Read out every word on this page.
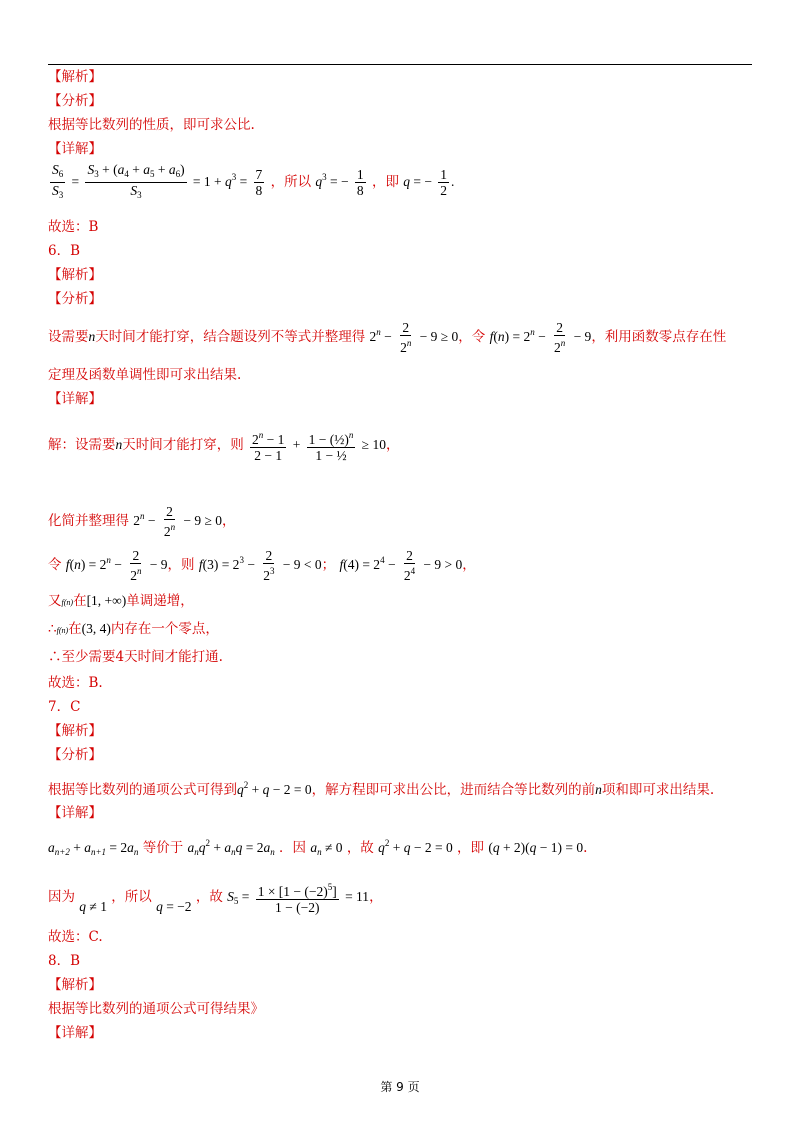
【解析】
【分析】
根据等比数列的性质，即可求公比.
【详解】
$\frac{S_6}{S_3} = \frac{S_3 + (a_4 + a_5 + a_6)}{S_3} = 1 + q^3 = \frac{7}{8}$ ，所以 $q^3$ = − $\frac{1}{8}$ ，即 q = − $\frac{1}{2}$ .
故选：B
6．B
【解析】
【分析】
设需要n天时间才能打穿，结合题设列不等式并整理得 $2^n - \frac{2}{2^n} - 9 \ge 0$，令 $f(n) = 2^n - \frac{2}{2^n} - 9$，利用函数零点存在性
定理及函数单调性即可求出结果.
【详解】
解：设需要n天时间才能打穿，则 $\frac{2^n - 1}{2 - 1} + \frac{1 - (\frac{1}{2})^n}{\text{1 − ½}} \ge 10$，
化简并整理得 $2^n - \frac{2}{2^n} - 9 \ge 0$，
令 $f(n) = 2^n - \frac{2}{2^n} - 9$，则 $f(3) = 2^3 - \frac{2}{2^3} - 9 < 0$； $f(4) = 2^4 - \frac{2}{2^4} - 9 > 0$，
又f(n)在[1, +∞)单调递增，
∴f(n)在(3, 4)内存在一个零点，
∴至少需要4天时间才能打通.
故选：B.
7．C
【解析】
【分析】
根据等比数列的通项公式可得到$q^2 + q - 2 = 0$，解方程即可求出公比，进而结合等比数列的前n项和即可求出结果.
【详解】
$a_{n+2} + a_{n+1} = 2a_n$ 等价于 $a_nq^2 + a_nq = 2a_n$ ．因 $a_n \ne 0$ ，故 $q^2 + q - 2 = 0$ ，即 (q + 2)(q − 1) = 0.
因为 q ≠ 1 ，所以 q = −2 ，故 $S_5 = \frac{1 \times [1 - (-2)^5]}{1 - (-2)} = 11$，
故选：C.
8．B
【解析】
根据等比数列的通项公式可得结果》
【详解】
第 9 页
